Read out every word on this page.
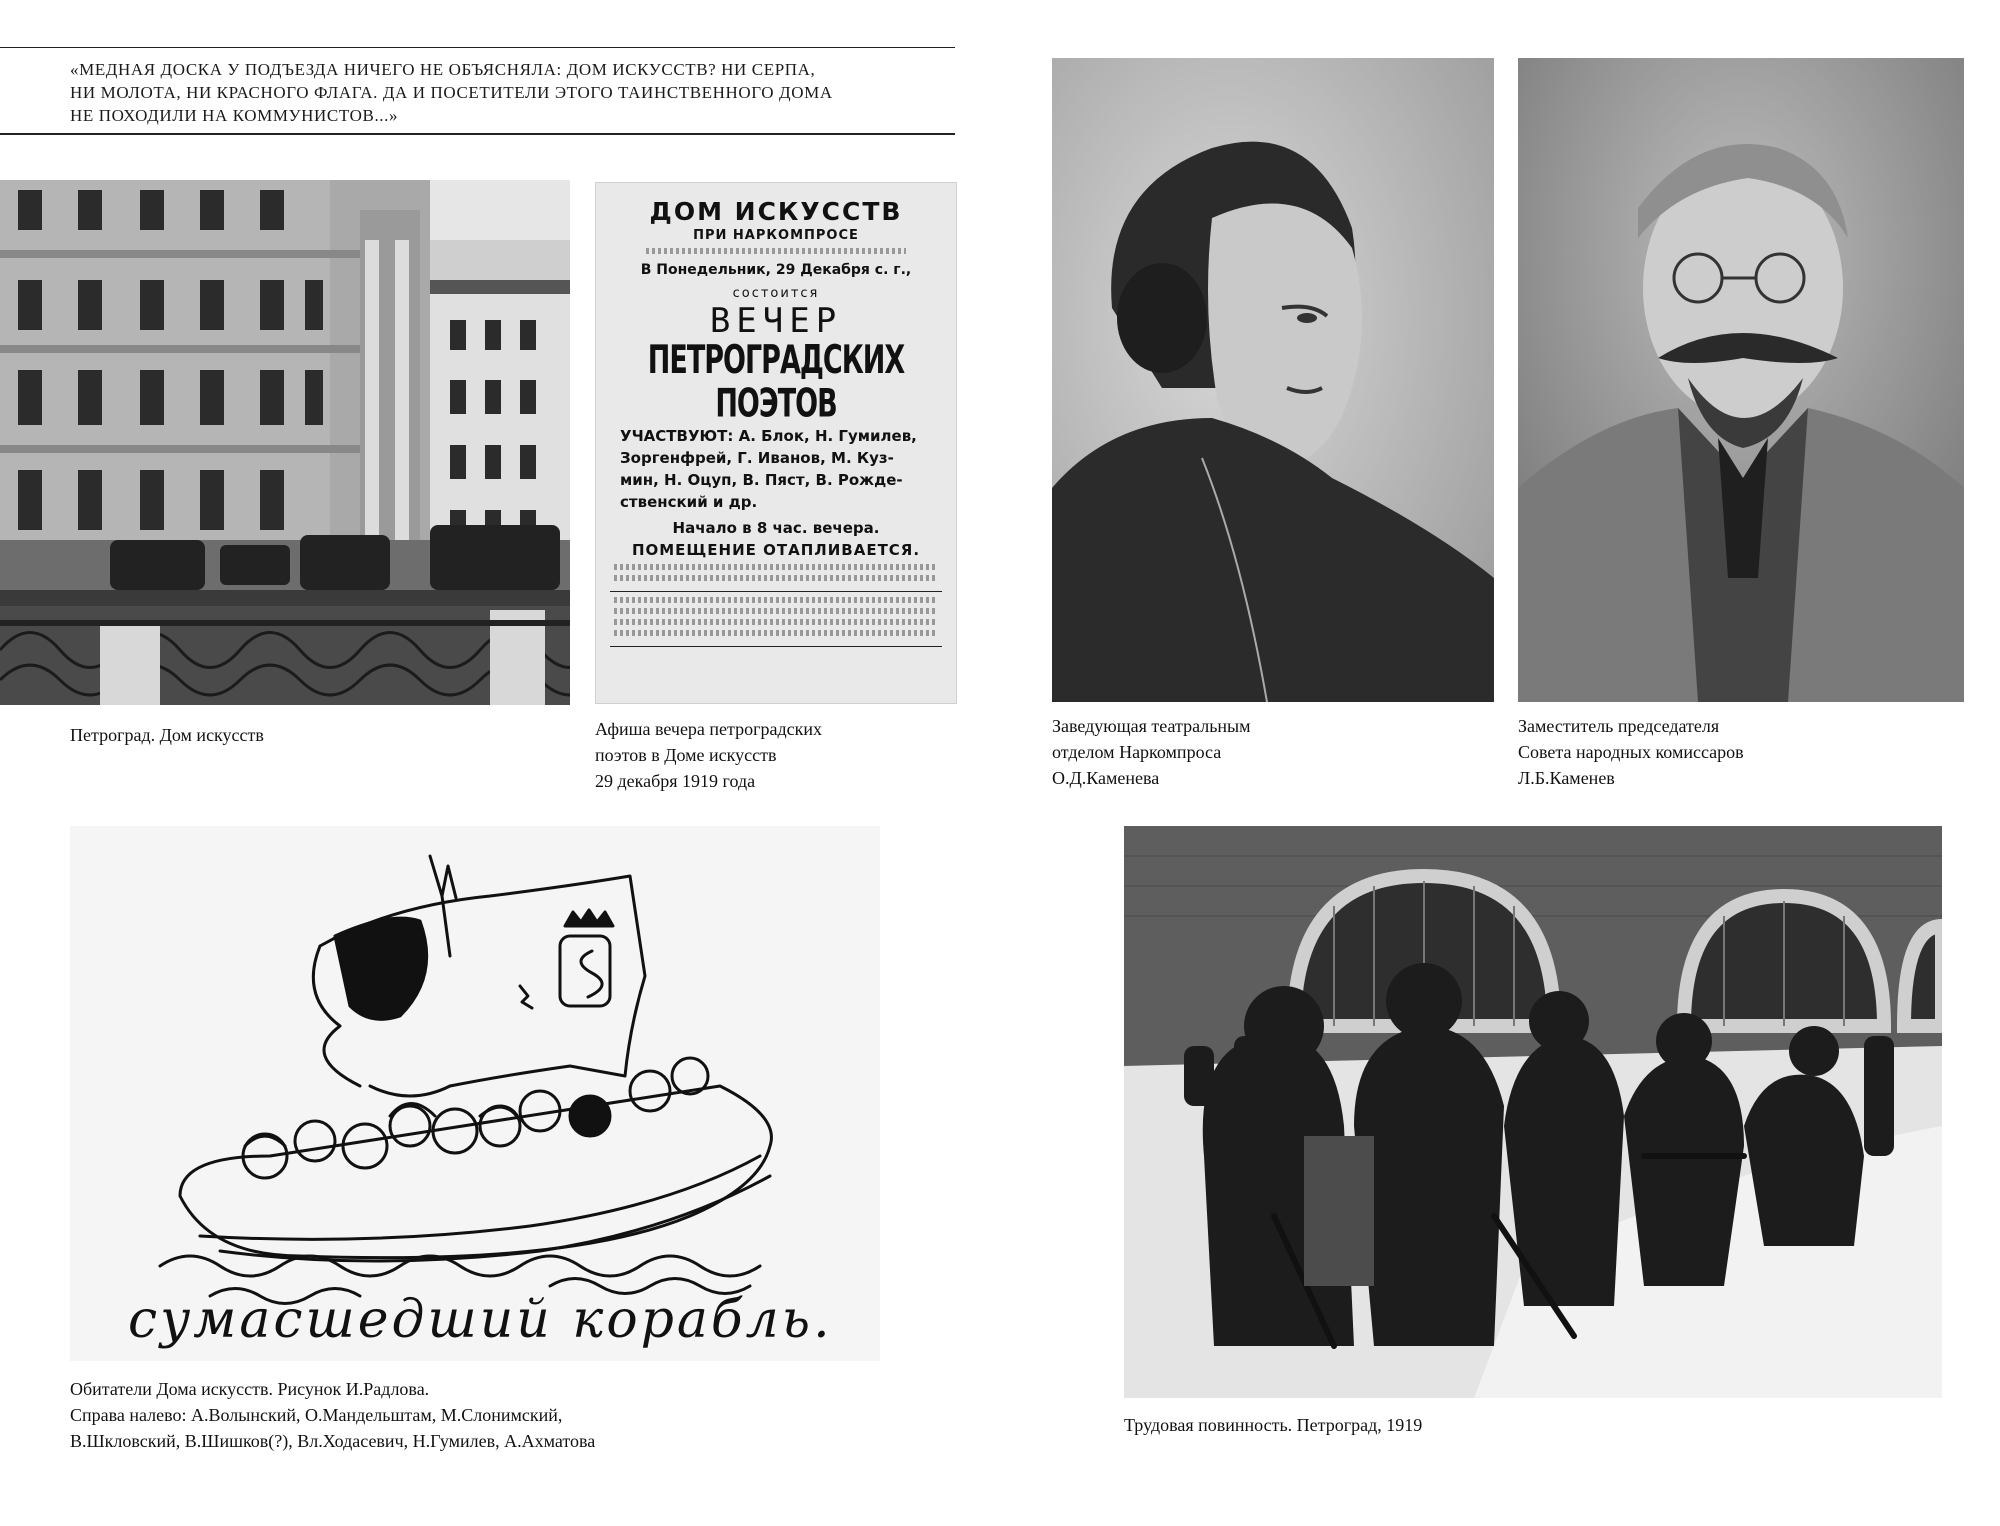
«МЕДНАЯ ДОСКА У ПОДЪЕЗДА НИЧЕГО НЕ ОБЪЯСНЯЛА: ДОМ ИСКУССТВ? НИ СЕРПА,
НИ МОЛОТА, НИ КРАСНОГО ФЛАГА. ДА И ПОСЕТИТЕЛИ ЭТОГО ТАИНСТВЕННОГО ДОМА
НЕ ПОХОДИЛИ НА КОММУНИСТОВ...»
Петроград. Дом искусств
ДОМ ИСКУССТВ
ПРИ НАРКОМПРОСЕ
В Понедельник, 29 Декабря с. г.,
состоится
ВЕЧЕР
ПЕТРОГРАДСКИХ ПОЭТОВ
УЧАСТВУЮТ: А. Блок, Н. Гумилев,
Зоргенфрей, Г. Иванов, М. Куз-
мин, Н. Оцуп, В. Пяст, В. Рожде-
ственский и др.
Начало в 8 час. вечера.
ПОМЕЩЕНИЕ ОТАПЛИВАЕТСЯ.
Афиша вечера петроградских
поэтов в Доме искусств
29 декабря 1919 года
сумасшедший корабль.
Обитатели Дома искусств. Рисунок И.Радлова.
Справа налево: А.Волынский, О.Мандельштам, М.Слонимский,
В.Шкловский, В.Шишков(?), Вл.Ходасевич, Н.Гумилев, А.Ахматова
Заведующая театральным
отделом Наркомпроса
О.Д.Каменева
Заместитель председателя
Совета народных комиссаров
Л.Б.Каменев
Трудовая повинность. Петроград, 1919
